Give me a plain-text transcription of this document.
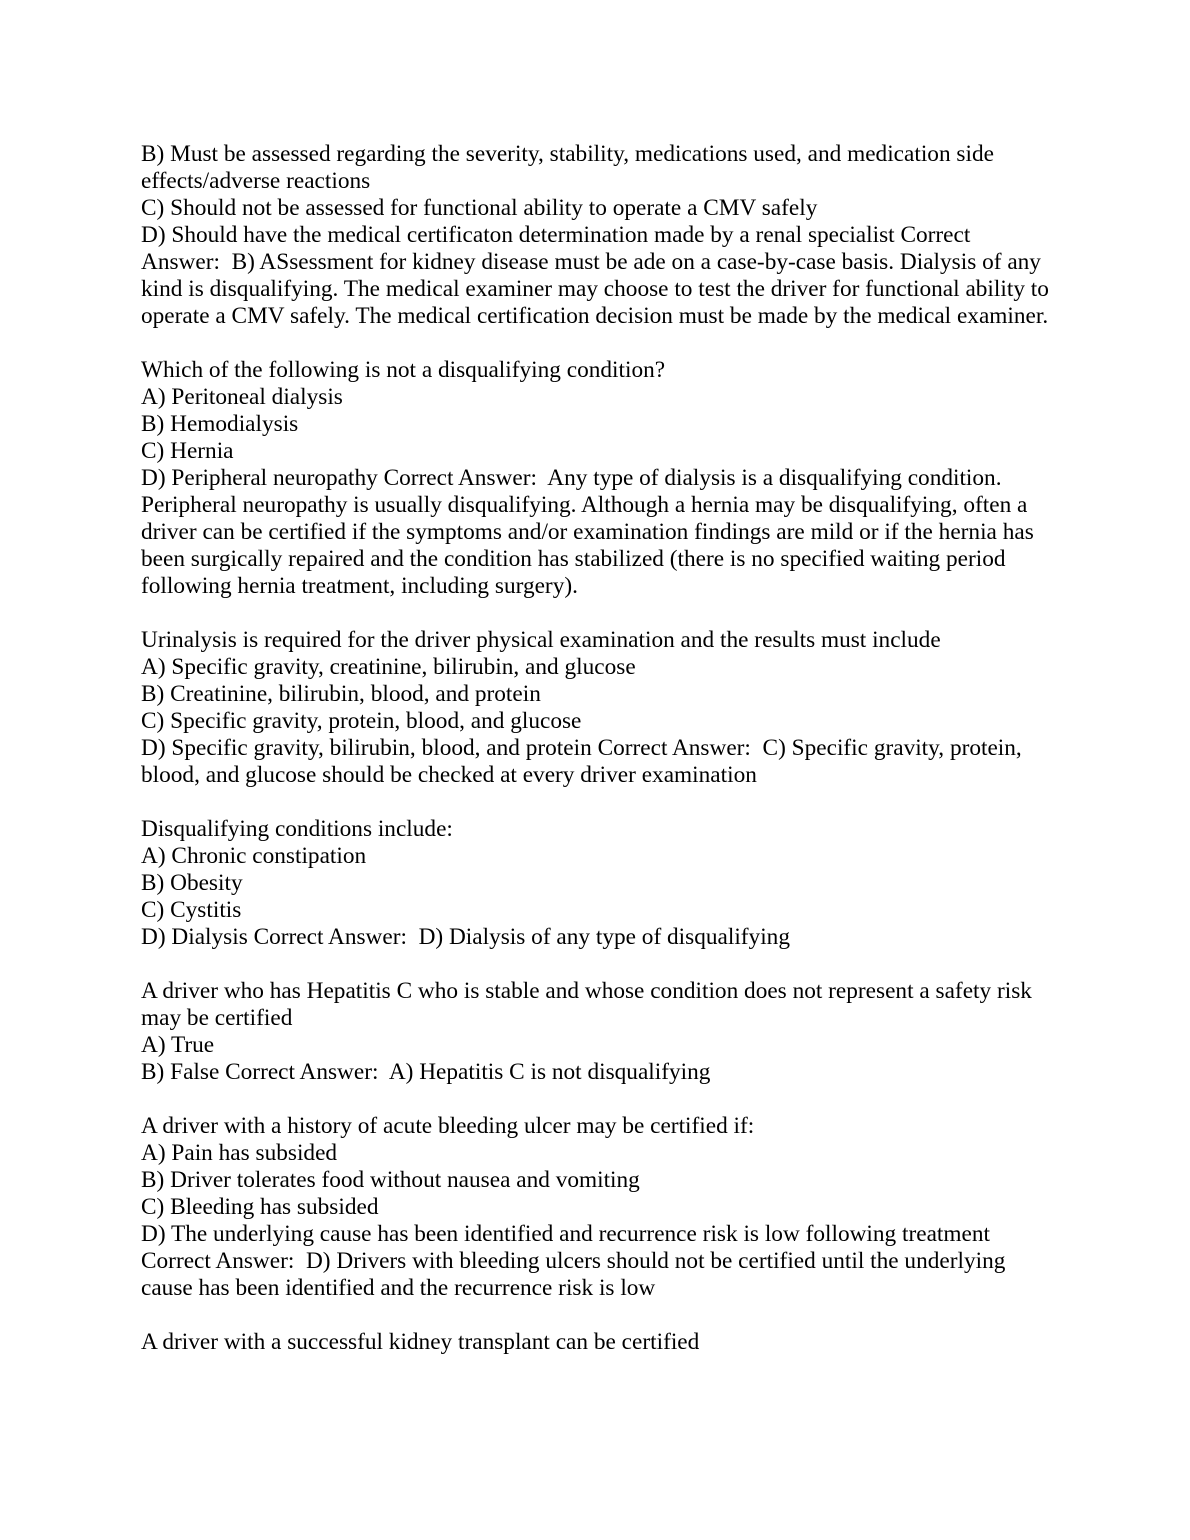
B) Must be assessed regarding the severity, stability, medications used, and medication side effects/adverse reactions
C) Should not be assessed for functional ability to operate a CMV safely
D) Should have the medical certificaton determination made by a renal specialist Correct Answer:  B) ASsessment for kidney disease must be ade on a case-by-case basis. Dialysis of any kind is disqualifying. The medical examiner may choose to test the driver for functional ability to operate a CMV safely. The medical certification decision must be made by the medical examiner.
Which of the following is not a disqualifying condition?
A) Peritoneal dialysis
B) Hemodialysis
C) Hernia
D) Peripheral neuropathy Correct Answer:  Any type of dialysis is a disqualifying condition. Peripheral neuropathy is usually disqualifying. Although a hernia may be disqualifying, often a driver can be certified if the symptoms and/or examination findings are mild or if the hernia has been surgically repaired and the condition has stabilized (there is no specified waiting period following hernia treatment, including surgery).
Urinalysis is required for the driver physical examination and the results must include
A) Specific gravity, creatinine, bilirubin, and glucose
B) Creatinine, bilirubin, blood, and protein
C) Specific gravity, protein, blood, and glucose
D) Specific gravity, bilirubin, blood, and protein Correct Answer:  C) Specific gravity, protein, blood, and glucose should be checked at every driver examination
Disqualifying conditions include:
A) Chronic constipation
B) Obesity
C) Cystitis
D) Dialysis Correct Answer:  D) Dialysis of any type of disqualifying
A driver who has Hepatitis C who is stable and whose condition does not represent a safety risk may be certified
A) True
B) False Correct Answer:  A) Hepatitis C is not disqualifying
A driver with a history of acute bleeding ulcer may be certified if:
A) Pain has subsided
B) Driver tolerates food without nausea and vomiting
C) Bleeding has subsided
D) The underlying cause has been identified and recurrence risk is low following treatment Correct Answer:  D) Drivers with bleeding ulcers should not be certified until the underlying cause has been identified and the recurrence risk is low
A driver with a successful kidney transplant can be certified
